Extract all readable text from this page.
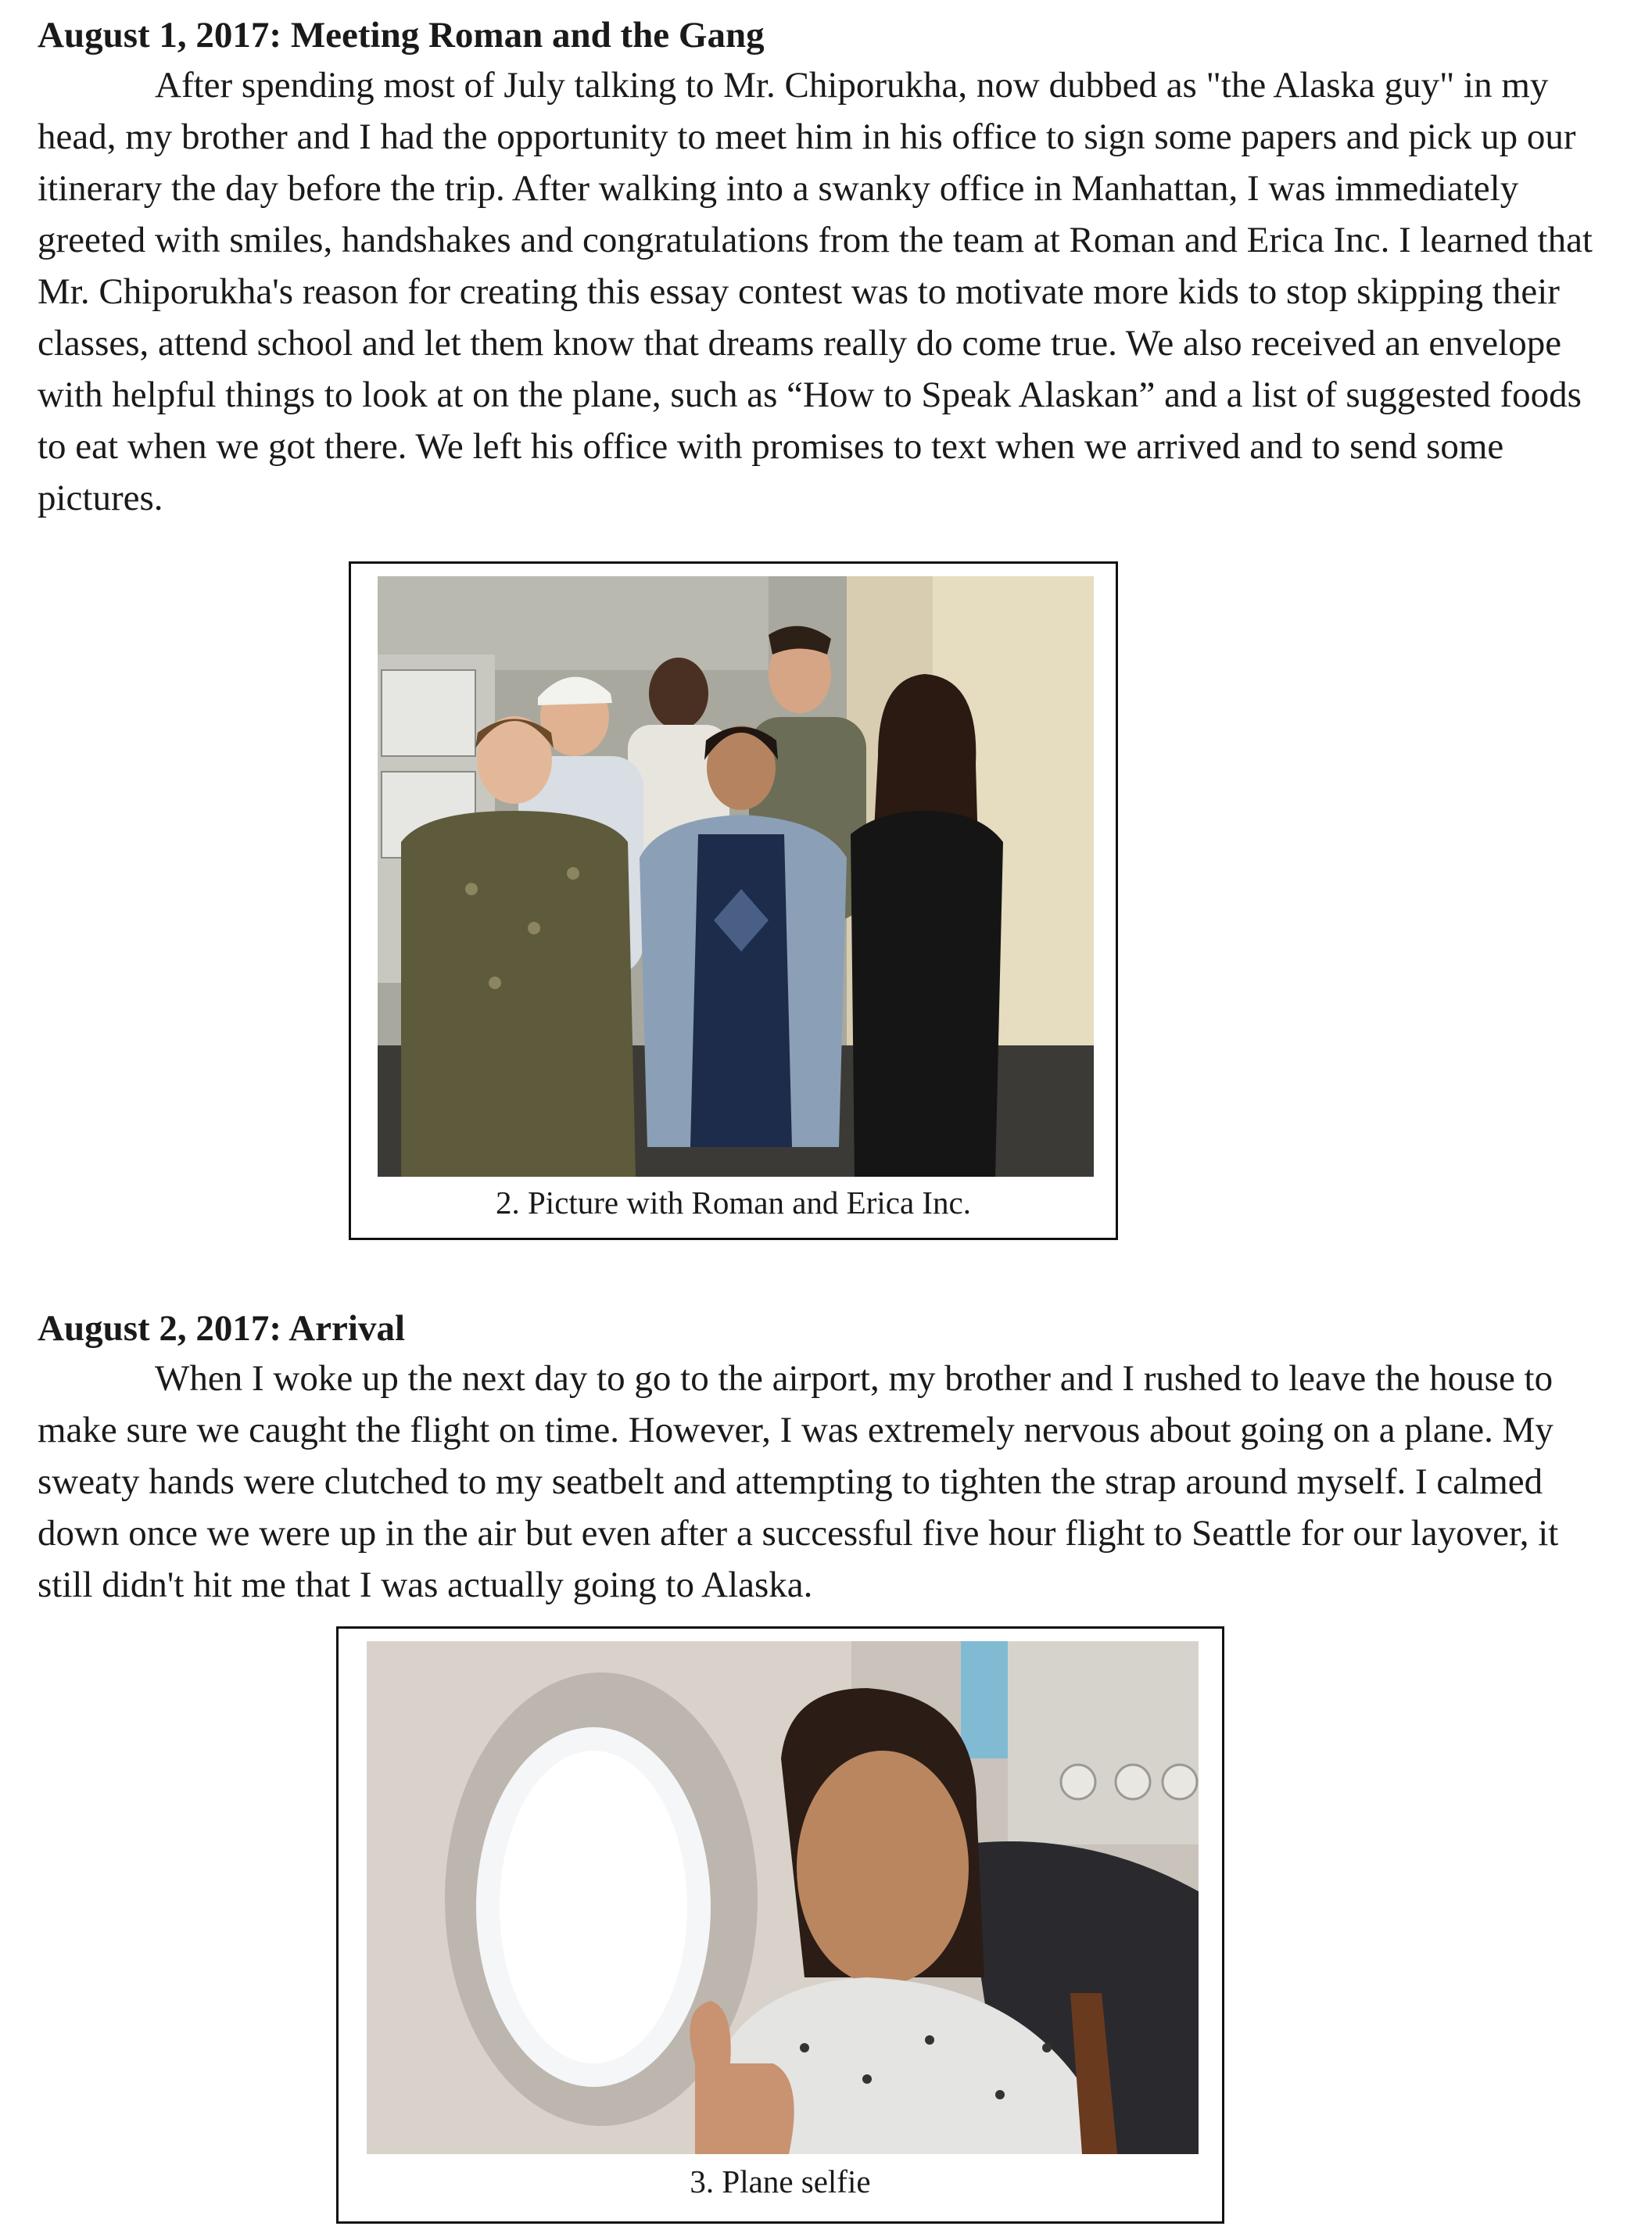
August 1, 2017: Meeting Roman and the Gang

After spending most of July talking to Mr. Chiporukha, now dubbed as "the Alaska guy" in my head, my brother and I had the opportunity to meet him in his office to sign some papers and pick up our itinerary the day before the trip. After walking into a swanky office in Manhattan, I was immediately greeted with smiles, handshakes and congratulations from the team at Roman and Erica Inc. I learned that Mr. Chiporukha's reason for creating this essay contest was to motivate more kids to stop skipping their classes, attend school and let them know that dreams really do come true. We also received an envelope with helpful things to look at on the plane, such as “How to Speak Alaskan” and a list of suggested foods to eat when we got there. We left his office with promises to text when we arrived and to send some pictures.

2. Picture with Roman and Erica Inc.
August 2, 2017: Arrival

When I woke up the next day to go to the airport, my brother and I rushed to leave the house to make sure we caught the flight on time. However, I was extremely nervous about going on a plane. My sweaty hands were clutched to my seatbelt and attempting to tighten the strap around myself. I calmed down once we were up in the air but even after a successful five hour flight to Seattle for our layover, it still didn't hit me that I was actually going to Alaska.

3. Plane selfie
